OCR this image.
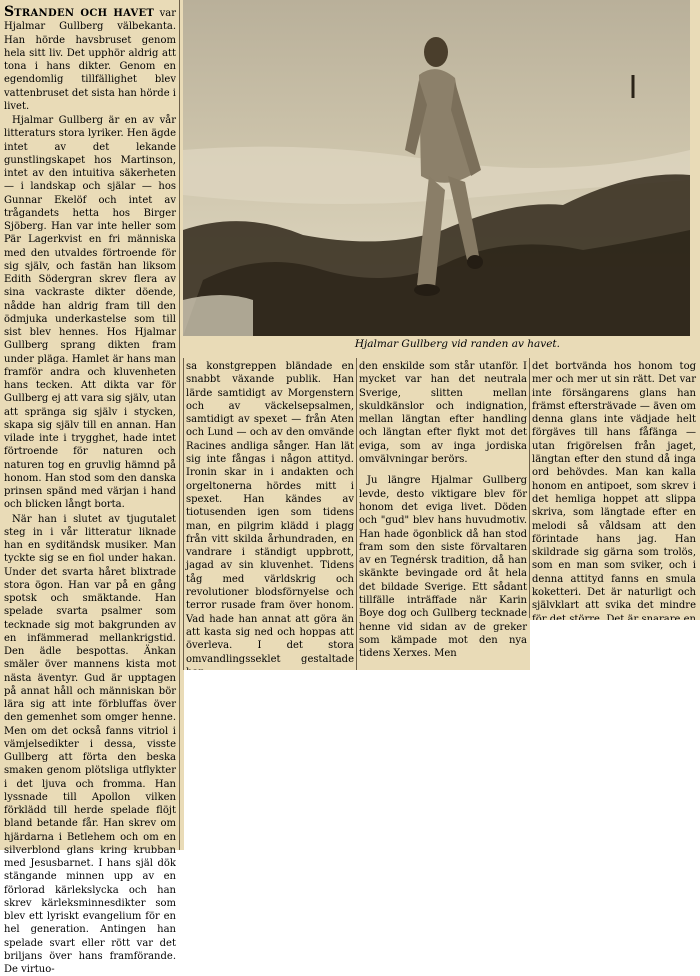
STRANDEN OCH HAVET var Hjalmar Gullberg välbekanta. Han hörde havsbruset genom hela sitt liv. Det upphör aldrig att tona i hans dikter. Genom en egendomlig tillfällighet blev vattenbruset det sista han hörde i livet.

Hjalmar Gullberg är en av vår litteraturs stora lyriker. Hen ägde intet av det lekande gunstlingskapet hos Martinson, intet av den intuitiva säkerheten — i landskap och själar — hos Gunnar Ekelöf och intet av trågandets hetta hos Birger Sjöberg. Han var inte heller som Pär Lagerkvist en fri människa med den utvaldes förtroende för sig själv, och fastän han liksom Edith Södergran skrev flera av sina vackraste dikter döende, nådde han aldrig fram till den ödmjuka underkastelse som till sist blev hennes. Hos Hjalmar Gullberg sprang dikten fram under pläga. Hamlet är hans man framför andra och kluvenheten hans tecken. Att dikta var för Gullberg ej att vara sig själv, utan att spränga sig själv i stycken, skapa sig själv till en annan. Han vilade inte i trygghet, hade intet förtroende för naturen och naturen tog en gruvlig hämnd på honom. Han stod som den danska prinsen spänd med värjan i hand och blicken långt borta.

När han i slutet av tjugutalet steg in i vår litteratur liknade han en syditändsk musiker. Man tyckte sig se en fiol under hakan. Under det svarta håret blixtrade stora ögon. Han var på en gång spotsk och smäktande. Han spelade svarta psalmer som tecknade sig mot bakgrunden av en infämmerad mellankrigstid. Den ädle bespottas. Änkan smäler över mannens kista mot nästa äventyr. Gud är upptagen på annat håll och människan bör lära sig att inte förbluffas över den gemenhet som omger henne. Men om det också fanns vitriol i vämjelsedikter i dessa, visste Gullberg att förta den beska smaken genom plötsliga utflykter i det ljuva och fromma. Han lyssnade till Apollon vilken förklädd till herde spelade flöjt bland betande får. Han skrev om hjärdarna i Betlehem och om en silverblond glans kring krubban med Jesusbarnet. I hans själ dök stängande minnen upp av en förlorad kärlekslycka och han skrev kärleksminnesdikter som blev ett lyriskt evangelium för en hel generation. Antingen han spelade svart eller rött var det briljans över hans framförande. De virtuo-

Hjalmar Gullberg vid randen av havet.

sa konstgreppen bländade en snabbt växande publik. Han lärde samtidigt av Morgenstern och av väckelsepsalmen, samtidigt av spexet — från Aten och Lund — och av den omvände Racines andliga sånger. Han lät sig inte fångas i någon attityd. Ironin skar in i andakten och orgeltonerna hördes mitt i spexet. Han kändes av tiotusenden igen som tidens man, en pilgrim klädd i plagg från vitt skilda århundraden, en vandrare i ständigt uppbrott, jagad av sin kluvenhet. Tidens tåg med världskrig och revolutioner blodsförnyelse och terror rusade fram över honom. Vad hade han annat att göra än att kasta sig ned och hoppas att överleva. I det stora omvandlingsseklet gestaltade

den enskilde som står utanför. I mycket var han det neutrala Sverige, slitten mellan skuldkänslor och indignation, mellan längtan efter handling och längtan efter flykt mot det eviga, som av inga jordiska omvälvningar berörs.

Ju längre Hjalmar Gullberg levde, desto viktigare blev för honom det eviga livet. Döden och "gud" blev hans huvudmotiv. Han hade ögonblick då han stod fram som den siste förvaltaren av en Tegnérsk tradition, då han skänkte bevingade ord åt hela det bildade Sverige. Ett sådant tillfälle inträffade när Karin Boye dog och Gullberg tecknade henne vid sidan av de greker som kämpade mot den nya tidens Xerxes. Men

det bortvända hos honom tog mer och mer ut sin rätt. Det var inte försängarens glans han främst eftersträvade — även om denna glans inte vädjade helt förgäves till hans fåfänga — utan frigörelsen från jaget, längtan efter den stund då inga ord behövdes. Man kan kalla honom en antipoet, som skrev i det hemliga hoppet att slippa skriva, som längtade efter en melodi så våldsam att den förintade hans jag. Han skildrade sig gärna som trolös, som en man som sviker, och i denna attityd fanns en smula koketteri. Det är naturligt och självklart att svika det mindre
